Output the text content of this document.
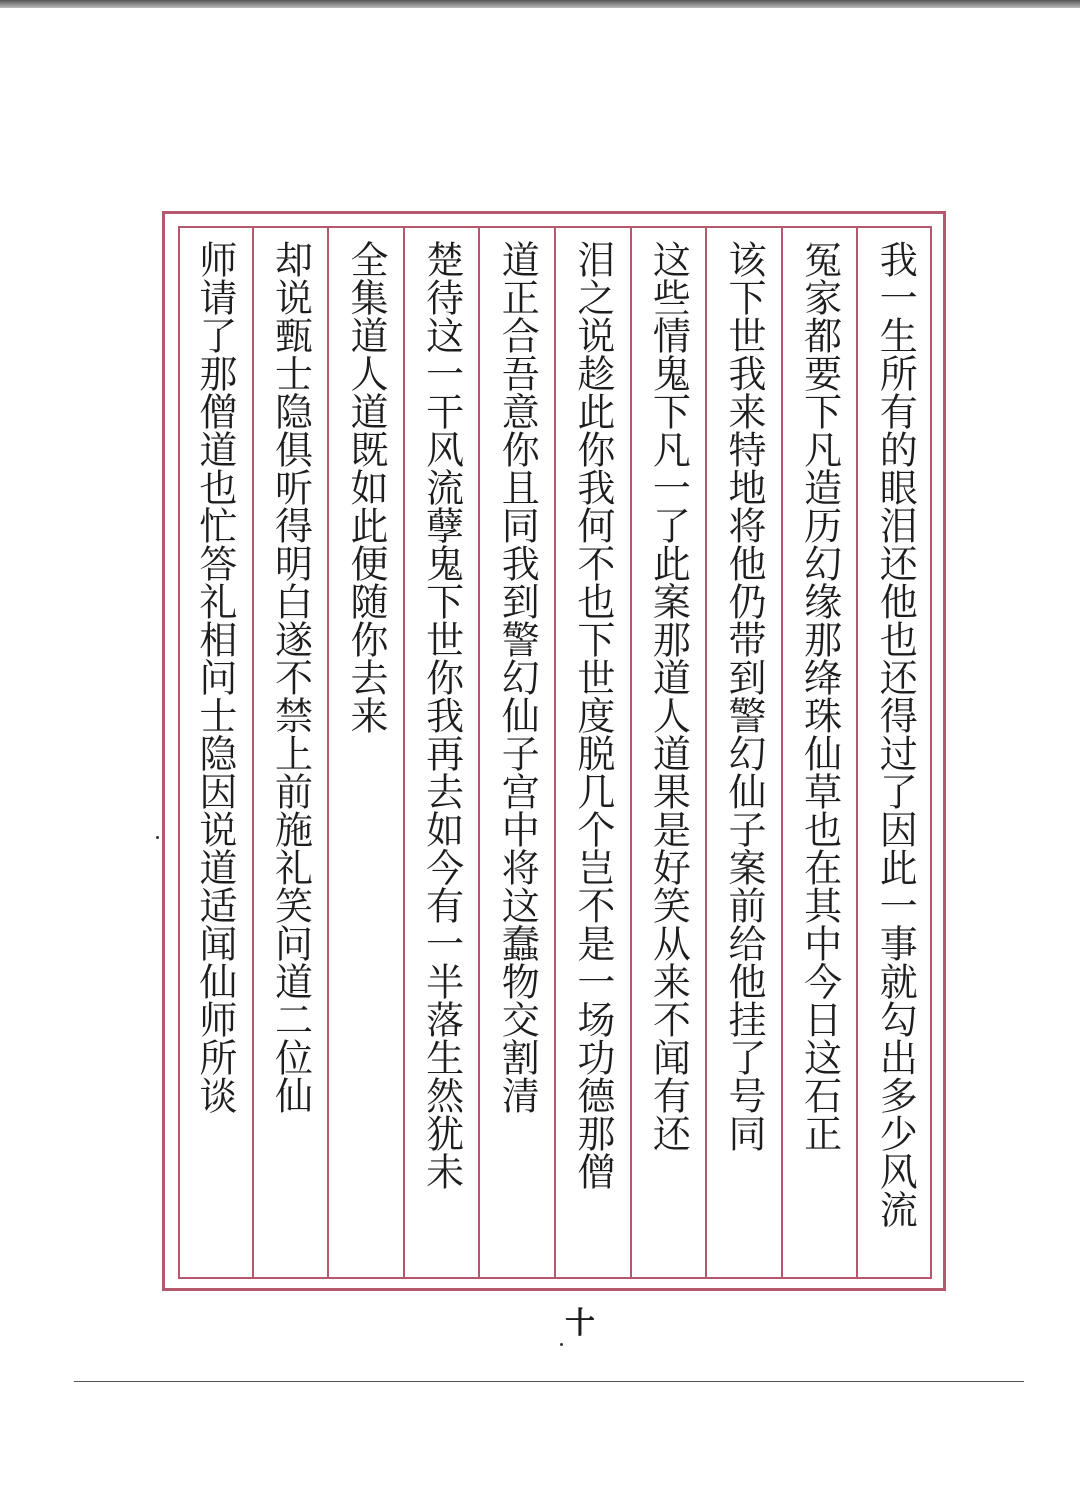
我一生所有的眼泪还他也还得过了因此一事就勾出多少风流
冤家都要下凡造历幻缘那绛珠仙草也在其中今日这石正
该下世我来特地将他仍带到警幻仙子案前给他挂了号同
这些情鬼下凡一了此案那道人道果是好笑从来不闻有还
泪之说趁此你我何不也下世度脱几个岂不是一场功德那僧
道正合吾意你且同我到警幻仙子宫中将这蠢物交割清
楚待这一干风流孽鬼下世你我再去如今有一半落生然犹未
全集道人道既如此便随你去来
却说甄士隐俱听得明白遂不禁上前施礼笑问道二位仙
师请了那僧道也忙答礼相问士隐因说道适闻仙师所谈
十
